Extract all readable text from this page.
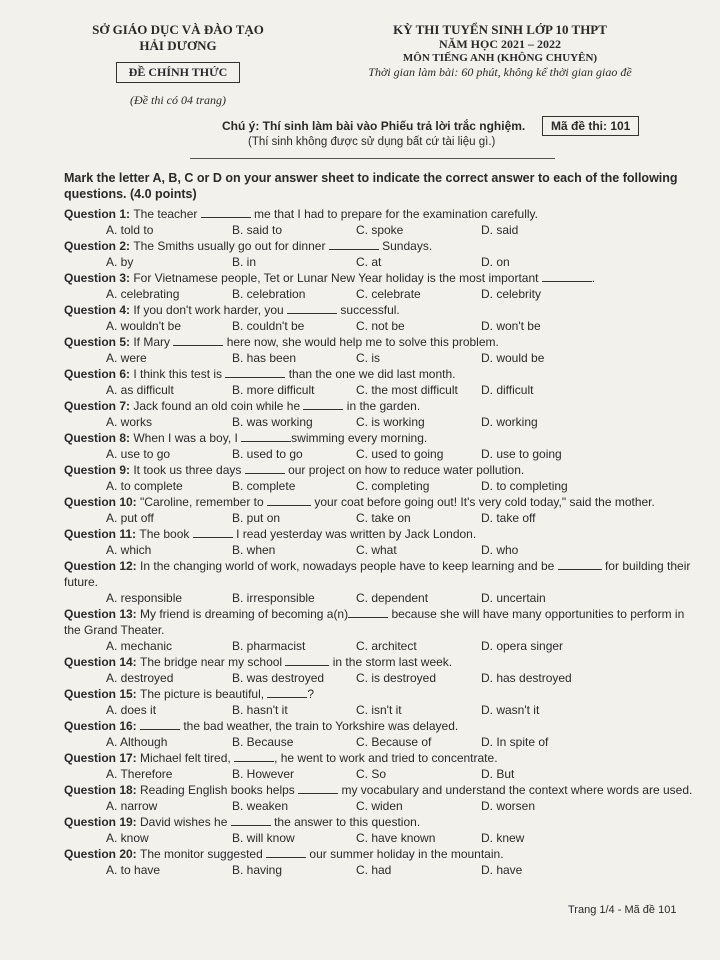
SỞ GIÁO DỤC VÀ ĐÀO TẠO
HẢI DƯƠNG
ĐỀ CHÍNH THỨC
(Đề thi có 04 trang)
KỲ THI TUYỂN SINH LỚP 10 THPT
NĂM HỌC 2021 – 2022
MÔN TIẾNG ANH (KHÔNG CHUYÊN)
Thời gian làm bài: 60 phút, không kể thời gian giao đề
Chú ý: Thí sinh làm bài vào Phiếu trả lời trắc nghiệm.	Mã đề thi: 101
(Thí sinh không được sử dụng bất cứ tài liệu gì.)
Mark the letter A, B, C or D on your answer sheet to indicate the correct answer to each of the following questions. (4.0 points)
Question 1: The teacher	me that I had to prepare for the examination carefully.
A. told to	B. said to	C. spoke	D. said
Question 2: The Smiths usually go out for dinner	Sundays.
A. by	B. in	C. at	D. on
Question 3: For Vietnamese people, Tet or Lunar New Year holiday is the most important	.
A. celebrating	B. celebration	C. celebrate	D. celebrity
Question 4: If you don't work harder, you	successful.
A. wouldn't be	B. couldn't be	C. not be	D. won't be
Question 5: If Mary	here now, she would help me to solve this problem.
A. were	B. has been	C. is	D. would be
Question 6: I think this test is	than the one we did last month.
A. as difficult	B. more difficult	C. the most difficult D. difficult
Question 7: Jack found an old coin while he	in the garden.
A. works	B. was working	C. is working	D. working
Question 8: When I was a boy, I	swimming every morning.
A. use to go	B. used to go	C. used to going	D. use to going
Question 9: It took us three days	our project on how to reduce water pollution.
A. to complete	B. complete	C. completing	D. to completing
Question 10: "Caroline, remember to	your coat before going out! It's very cold today," said the mother.
A. put off	B. put on	C. take on	D. take off
Question 11: The book	I read yesterday was written by Jack London.
A. which	B. when	C. what	D. who
Question 12: In the changing world of work, nowadays people have to keep learning and be	for building their future.
A. responsible	B. irresponsible	C. dependent	D. uncertain
Question 13: My friend is dreaming of becoming a(n)	because she will have many opportunities to perform in the Grand Theater.
A. mechanic	B. pharmacist	C. architect	D. opera singer
Question 14: The bridge near my school	in the storm last week.
A. destroyed	B. was destroyed	C. is destroyed	D. has destroyed
Question 15: The picture is beautiful,	?
A. does it	B. hasn't it	C. isn't it	D. wasn't it
Question 16:	the bad weather, the train to Yorkshire was delayed.
A. Although	B. Because	C. Because of	D. In spite of
Question 17: Michael felt tired,	, he went to work and tried to concentrate.
A. Therefore	B. However	C. So	D. But
Question 18: Reading English books helps	my vocabulary and understand the context where words are used.
A. narrow	B. weaken	C. widen	D. worsen
Question 19: David wishes he	the answer to this question.
A. know	B. will know	C. have known	D. knew
Question 20: The monitor suggested	our summer holiday in the mountain.
A. to have	B. having	C. had	D. have
Trang 1/4 - Mã đề 101
